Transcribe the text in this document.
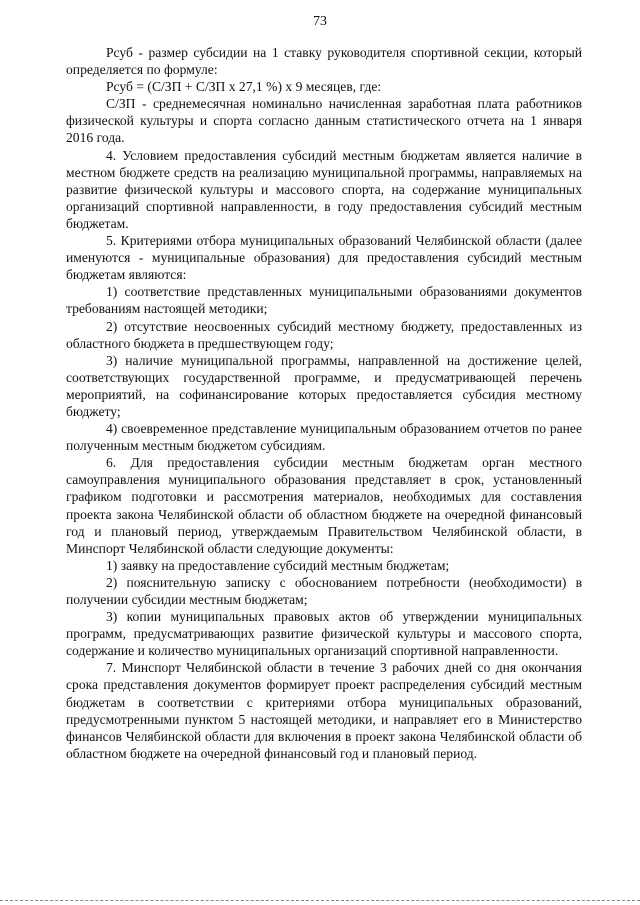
73

Рсуб - размер субсидии на 1 ставку руководителя спортивной секции, который определяется по формуле:

Рсуб = (С/ЗП + С/ЗП х 27,1 %) х 9 месяцев, где:

С/ЗП - среднемесячная номинально начисленная заработная плата работников физической культуры и спорта согласно данным статистического отчета на 1 января 2016 года.

4. Условием предоставления субсидий местным бюджетам является наличие в местном бюджете средств на реализацию муниципальной программы, направляемых на развитие физической культуры и массового спорта, на содержание муниципальных организаций спортивной направленности, в году предоставления субсидий местным бюджетам.

5. Критериями отбора муниципальных образований Челябинской области (далее именуются - муниципальные образования) для предоставления субсидий местным бюджетам являются:

1) соответствие представленных муниципальными образованиями документов требованиям настоящей методики;

2) отсутствие неосвоенных субсидий местному бюджету, предоставленных из областного бюджета в предшествующем году;

3) наличие муниципальной программы, направленной на достижение целей, соответствующих государственной программе, и предусматривающей перечень мероприятий, на софинансирование которых предоставляется субсидия местному бюджету;

4) своевременное представление муниципальным образованием отчетов по ранее полученным местным бюджетом субсидиям.

6. Для предоставления субсидии местным бюджетам орган местного самоуправления муниципального образования представляет в срок, установленный графиком подготовки и рассмотрения материалов, необходимых для составления проекта закона Челябинской области об областном бюджете на очередной финансовый год и плановый период, утверждаемым Правительством Челябинской области, в Минспорт Челябинской области следующие документы:

1) заявку на предоставление субсидий местным бюджетам;

2) пояснительную записку с обоснованием потребности (необходимости) в получении субсидии местным бюджетам;

3) копии муниципальных правовых актов об утверждении муниципальных программ, предусматривающих развитие физической культуры и массового спорта, содержание и количество муниципальных организаций спортивной направленности.

7. Минспорт Челябинской области в течение 3 рабочих дней со дня окончания срока представления документов формирует проект распределения субсидий местным бюджетам в соответствии с критериями отбора муниципальных образований, предусмотренными пунктом 5 настоящей методики, и направляет его в Министерство финансов Челябинской области для включения в проект закона Челябинской области об областном бюджете на очередной финансовый год и плановый период.
